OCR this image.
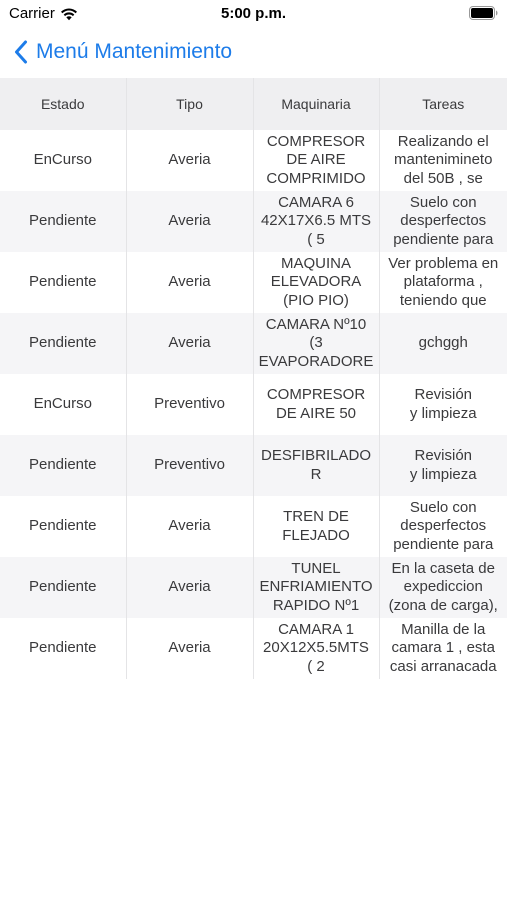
Carrier	5:00 p.m.
Menú Mantenimiento
Estado	Tipo	Maquinaria	Tareas

EnCurso	Averia	COMPRESOR
DE AIRE
COMPRIMIDO	Realizando el
mantenimineto
del 50B , se

Pendiente	Averia	CAMARA 6
42X17X6.5 MTS
( 5	Suelo con
desperfectos
pendiente para

Pendiente	Averia	MAQUINA
ELEVADORA
(PIO PIO)	Ver problema en
plataforma ,
teniendo que

Pendiente	Averia	CAMARA Nº10
(3
EVAPORADORE	gchggh

EnCurso	Preventivo	COMPRESOR
DE AIRE 50	Revisión
y limpieza

Pendiente	Preventivo	DESFIBRILADO
R	Revisión
y limpieza

Pendiente	Averia	TREN DE
FLEJADO	Suelo con
desperfectos
pendiente para

Pendiente	Averia	TUNEL
ENFRIAMIENTO
RAPIDO Nº1	En la caseta de
expediccion
(zona de carga),

Pendiente	Averia	CAMARA 1
20X12X5.5MTS
( 2	Manilla de la
camara 1 , esta
casi arranacada
